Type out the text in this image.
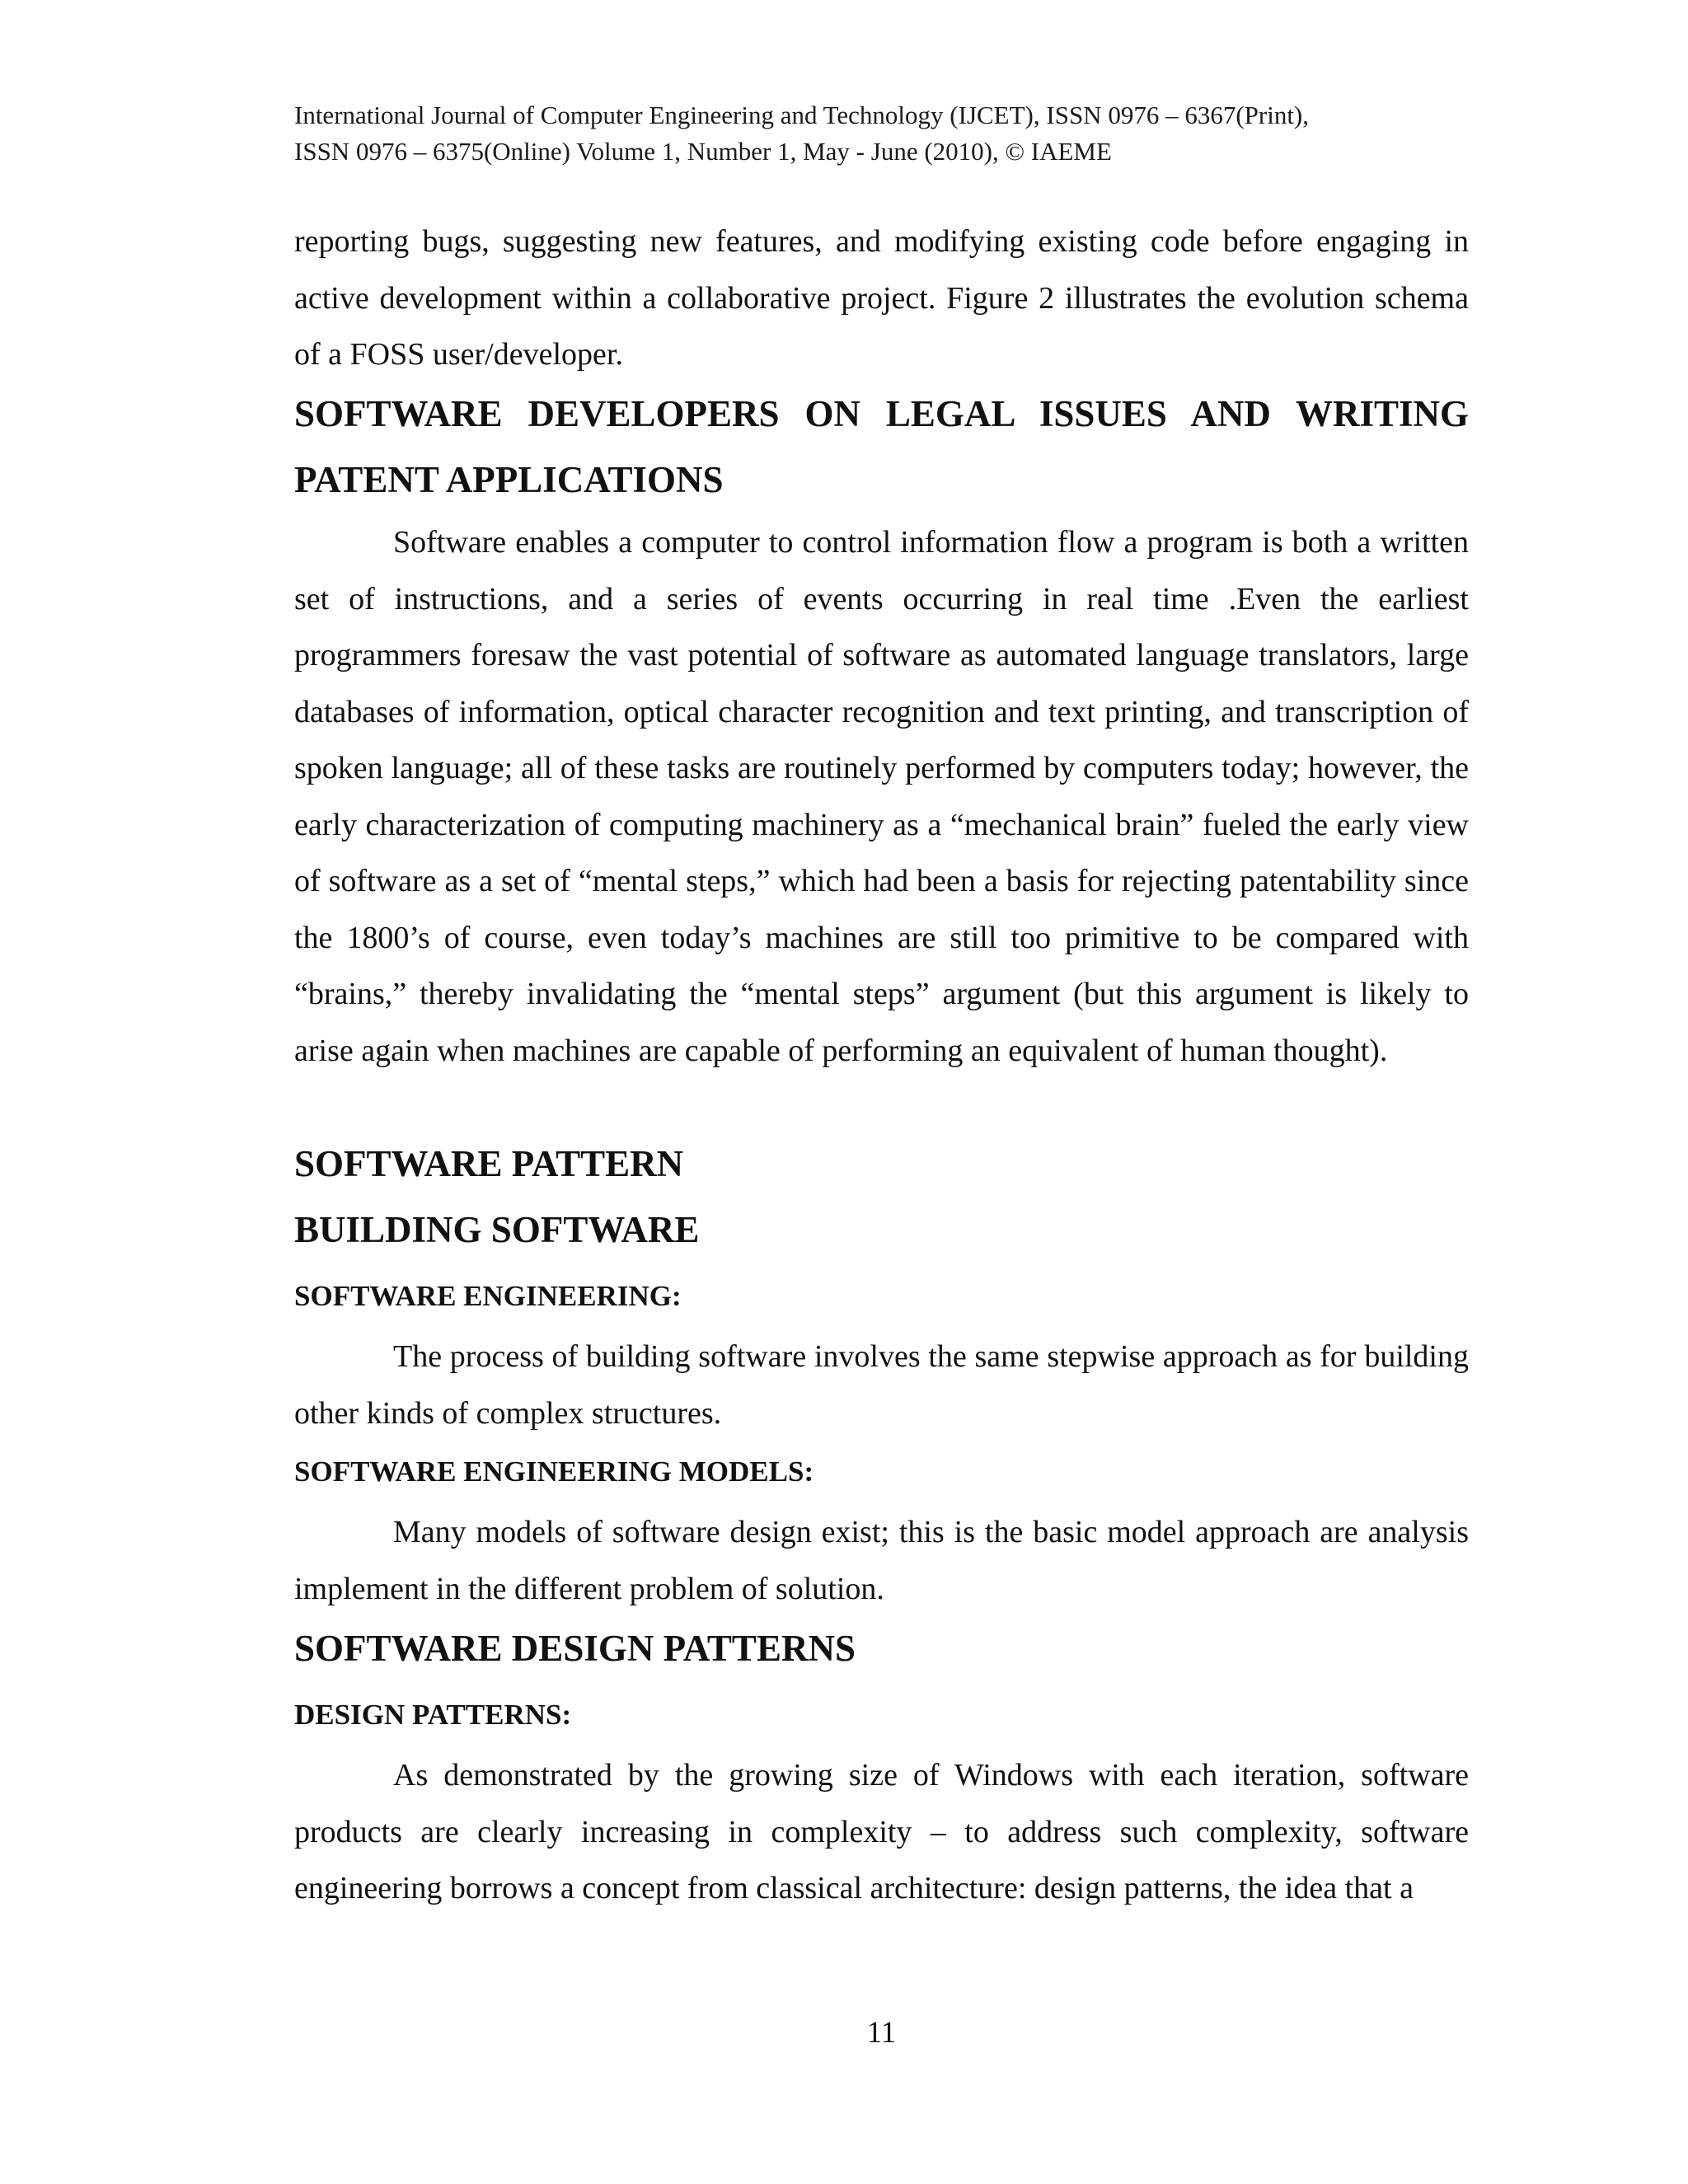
International Journal of Computer Engineering and Technology (IJCET), ISSN 0976 – 6367(Print),
ISSN 0976 – 6375(Online) Volume 1, Number 1, May - June (2010), © IAEME

reporting bugs, suggesting new features, and modifying existing code before engaging in active development within a collaborative project. Figure 2 illustrates the evolution schema of a FOSS user/developer.

SOFTWARE DEVELOPERS ON LEGAL ISSUES AND WRITING
PATENT APPLICATIONS

Software enables a computer to control information flow a program is both a written set of instructions, and a series of events occurring in real time .Even the earliest programmers foresaw the vast potential of software as automated language translators, large databases of information, optical character recognition and text printing, and transcription of spoken language; all of these tasks are routinely performed by computers today; however, the early characterization of computing machinery as a “mechanical brain” fueled the early view of software as a set of “mental steps,” which had been a basis for rejecting patentability since the 1800’s of course, even today’s machines are still too primitive to be compared with “brains,” thereby invalidating the “mental steps” argument (but this argument is likely to arise again when machines are capable of performing an equivalent of human thought).

SOFTWARE PATTERN
BUILDING SOFTWARE
SOFTWARE ENGINEERING:

The process of building software involves the same stepwise approach as for building other kinds of complex structures.

SOFTWARE ENGINEERING MODELS:

Many models of software design exist; this is the basic model approach are analysis implement in the different problem of solution.

SOFTWARE DESIGN PATTERNS
DESIGN PATTERNS:

As demonstrated by the growing size of Windows with each iteration, software products are clearly increasing in complexity – to address such complexity, software engineering borrows a concept from classical architecture: design patterns, the idea that a

11
